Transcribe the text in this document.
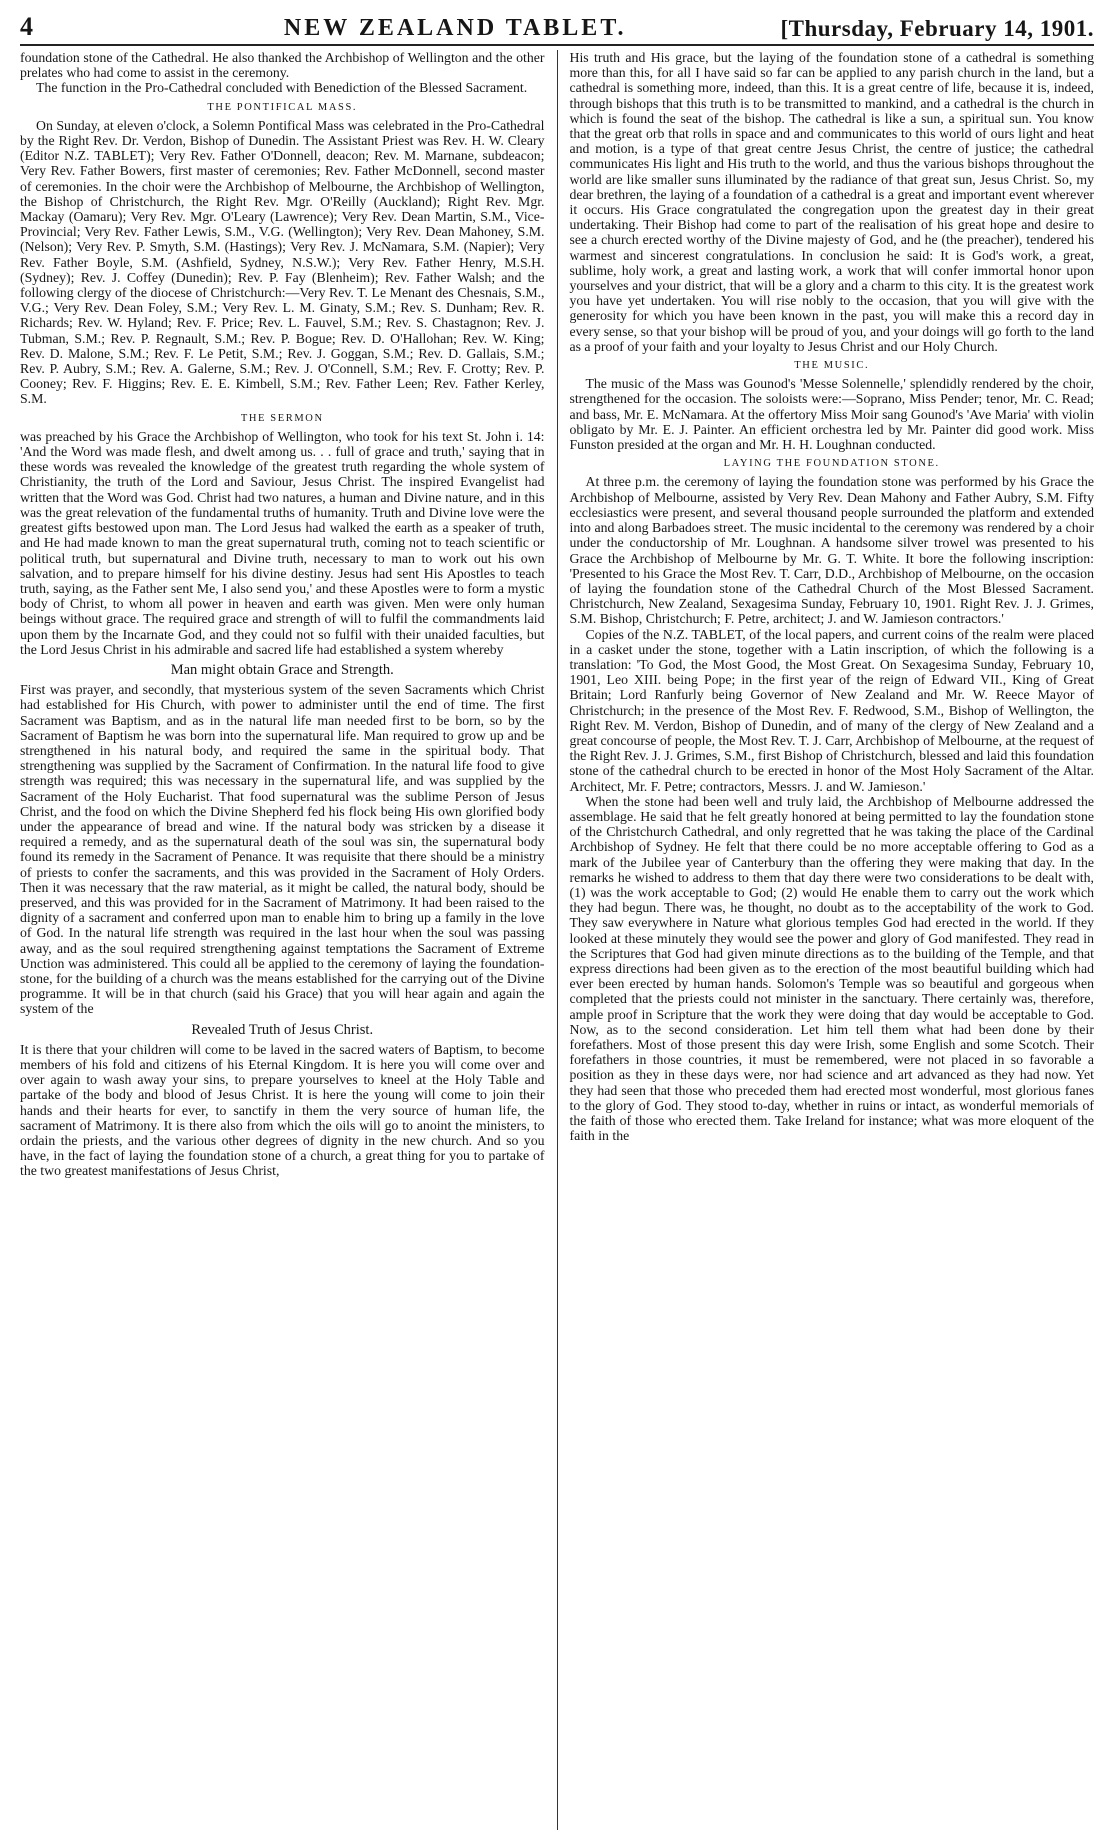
4	NEW ZEALAND TABLET.	[Thursday, February 14, 1901.

foundation stone of the Cathedral. He also thanked the Archbishop of Wellington and the other prelates who had come to assist in the ceremony.

The function in the Pro-Cathedral concluded with Benediction of the Blessed Sacrament.

THE PONTIFICAL MASS.

On Sunday, at eleven o'clock, a Solemn Pontifical Mass was celebrated in the Pro-Cathedral by the Right Rev. Dr. Verdon, Bishop of Dunedin. The Assistant Priest was Rev. H. W. Cleary (Editor N.Z. TABLET); Very Rev. Father O'Donnell, deacon; Rev. M. Marnane, subdeacon; Very Rev. Father Bowers, first master of ceremonies; Rev. Father McDonnell, second master of ceremonies. In the choir were the Archbishop of Melbourne, the Archbishop of Wellington, the Bishop of Christchurch, the Right Rev. Mgr. O'Reilly (Auckland); Right Rev. Mgr. Mackay (Oamaru); Very Rev. Mgr. O'Leary (Lawrence); Very Rev. Dean Martin, S.M., Vice-Provincial; Very Rev. Father Lewis, S.M., V.G. (Wellington); Very Rev. Dean Mahoney, S.M. (Nelson); Very Rev. P. Smyth, S.M. (Hastings); Very Rev. J. McNamara, S.M. (Napier); Very Rev. Father Boyle, S.M. (Ashfield, Sydney, N.S.W.); Very Rev. Father Henry, M.S.H. (Sydney); Rev. J. Coffey (Dunedin); Rev. P. Fay (Blenheim); Rev. Father Walsh; and the following clergy of the diocese of Christchurch:—Very Rev. T. Le Menant des Chesnais, S.M., V.G.; Very Rev. Dean Foley, S.M.; Very Rev. L. M. Ginaty, S.M.; Rev. S. Dunham; Rev. R. Richards; Rev. W. Hyland; Rev. F. Price; Rev. L. Fauvel, S.M.; Rev. S. Chastagnon; Rev. J. Tubman, S.M.; Rev. P. Regnault, S.M.; Rev. P. Bogue; Rev. D. O'Hallohan; Rev. W. King; Rev. D. Malone, S.M.; Rev. F. Le Petit, S.M.; Rev. J. Goggan, S.M.; Rev. D. Gallais, S.M.; Rev. P. Aubry, S.M.; Rev. A. Galerne, S.M.; Rev. J. O'Connell, S.M.; Rev. F. Crotty; Rev. P. Cooney; Rev. F. Higgins; Rev. E. E. Kimbell, S.M.; Rev. Father Leen; Rev. Father Kerley, S.M.

THE SERMON

was preached by his Grace the Archbishop of Wellington, who took for his text St. John i. 14: 'And the Word was made flesh, and dwelt among us. . . full of grace and truth,' saying that in these words was revealed the knowledge of the greatest truth regarding the whole system of Christianity, the truth of the Lord and Saviour, Jesus Christ. The inspired Evangelist had written that the Word was God. Christ had two natures, a human and Divine nature, and in this was the great relevation of the fundamental truths of humanity. Truth and Divine love were the greatest gifts bestowed upon man. The Lord Jesus had walked the earth as a speaker of truth, and He had made known to man the great supernatural truth, coming not to teach scientific or political truth, but supernatural and Divine truth, necessary to man to work out his own salvation, and to prepare himself for his divine destiny. Jesus had sent His Apostles to teach truth, saying, as the Father sent Me, I also send you,' and these Apostles were to form a mystic body of Christ, to whom all power in heaven and earth was given. Men were only human beings without grace. The required grace and strength of will to fulfil the commandments laid upon them by the Incarnate God, and they could not so fulfil with their unaided faculties, but the Lord Jesus Christ in his admirable and sacred life had established a system whereby

Man might obtain Grace and Strength.

First was prayer, and secondly, that mysterious system of the seven Sacraments which Christ had established for His Church, with power to administer until the end of time. The first Sacrament was Baptism, and as in the natural life man needed first to be born, so by the Sacrament of Baptism he was born into the supernatural life. Man required to grow up and be strengthened in his natural body, and required the same in the spiritual body. That strengthening was supplied by the Sacrament of Confirmation. In the natural life food to give strength was required; this was necessary in the supernatural life, and was supplied by the Sacrament of the Holy Eucharist. That food supernatural was the sublime Person of Jesus Christ, and the food on which the Divine Shepherd fed his flock being His own glorified body under the appearance of bread and wine. If the natural body was stricken by a disease it required a remedy, and as the supernatural death of the soul was sin, the supernatural body found its remedy in the Sacrament of Penance. It was requisite that there should be a ministry of priests to confer the sacraments, and this was provided in the Sacrament of Holy Orders. Then it was necessary that the raw material, as it might be called, the natural body, should be preserved, and this was provided for in the Sacrament of Matrimony. It had been raised to the dignity of a sacrament and conferred upon man to enable him to bring up a family in the love of God. In the natural life strength was required in the last hour when the soul was passing away, and as the soul required strengthening against temptations the Sacrament of Extreme Unction was administered. This could all be applied to the ceremony of laying the foundation-stone, for the building of a church was the means established for the carrying out of the Divine programme. It will be in that church (said his Grace) that you will hear again and again the system of the

Revealed Truth of Jesus Christ.

It is there that your children will come to be laved in the sacred waters of Baptism, to become members of his fold and citizens of his Eternal Kingdom. It is here you will come over and over again to wash away your sins, to prepare yourselves to kneel at the Holy Table and partake of the body and blood of Jesus Christ. It is here the young will come to join their hands and their hearts for ever, to sanctify in them the very source of human life, the sacrament of Matrimony. It is there also from which the oils will go to anoint the ministers, to ordain the priests, and the various other degrees of dignity in the new church. And so you have, in the fact of laying the foundation stone of a church, a great thing for you to partake of the two greatest manifestations of Jesus Christ,

His truth and His grace, but the laying of the foundation stone of a cathedral is something more than this, for all I have said so far can be applied to any parish church in the land, but a cathedral is something more, indeed, than this. It is a great centre of life, because it is, indeed, through bishops that this truth is to be transmitted to mankind, and a cathedral is the church in which is found the seat of the bishop. The cathedral is like a sun, a spiritual sun. You know that the great orb that rolls in space and and communicates to this world of ours light and heat and motion, is a type of that great centre Jesus Christ, the centre of justice; the cathedral communicates His light and His truth to the world, and thus the various bishops throughout the world are like smaller suns illuminated by the radiance of that great sun, Jesus Christ. So, my dear brethren, the laying of a foundation of a cathedral is a great and important event wherever it occurs. His Grace congratulated the congregation upon the greatest day in their great undertaking. Their Bishop had come to part of the realisation of his great hope and desire to see a church erected worthy of the Divine majesty of God, and he (the preacher), tendered his warmest and sincerest congratulations. In conclusion he said: It is God's work, a great, sublime, holy work, a great and lasting work, a work that will confer immortal honor upon yourselves and your district, that will be a glory and a charm to this city. It is the greatest work you have yet undertaken. You will rise nobly to the occasion, that you will give with the generosity for which you have been known in the past, you will make this a record day in every sense, so that your bishop will be proud of you, and your doings will go forth to the land as a proof of your faith and your loyalty to Jesus Christ and our Holy Church.

THE MUSIC.

The music of the Mass was Gounod's 'Messe Solennelle,' splendidly rendered by the choir, strengthened for the occasion. The soloists were:—Soprano, Miss Pender; tenor, Mr. C. Read; and bass, Mr. E. McNamara. At the offertory Miss Moir sang Gounod's 'Ave Maria' with violin obligato by Mr. E. J. Painter. An efficient orchestra led by Mr. Painter did good work. Miss Funston presided at the organ and Mr. H. H. Loughnan conducted.

LAYING THE FOUNDATION STONE.

At three p.m. the ceremony of laying the foundation stone was performed by his Grace the Archbishop of Melbourne, assisted by Very Rev. Dean Mahony and Father Aubry, S.M. Fifty ecclesiastics were present, and several thousand people surrounded the platform and extended into and along Barbadoes street. The music incidental to the ceremony was rendered by a choir under the conductorship of Mr. Loughnan. A handsome silver trowel was presented to his Grace the Archbishop of Melbourne by Mr. G. T. White. It bore the following inscription: 'Presented to his Grace the Most Rev. T. Carr, D.D., Archbishop of Melbourne, on the occasion of laying the foundation stone of the Cathedral Church of the Most Blessed Sacrament. Christchurch, New Zealand, Sexagesima Sunday, February 10, 1901. Right Rev. J. J. Grimes, S.M. Bishop, Christchurch; F. Petre, architect; J. and W. Jamieson contractors.'

Copies of the N.Z. TABLET, of the local papers, and current coins of the realm were placed in a casket under the stone, together with a Latin inscription, of which the following is a translation: 'To God, the Most Good, the Most Great. On Sexagesima Sunday, February 10, 1901, Leo XIII. being Pope; in the first year of the reign of Edward VII., King of Great Britain; Lord Ranfurly being Governor of New Zealand and Mr. W. Reece Mayor of Christchurch; in the presence of the Most Rev. F. Redwood, S.M., Bishop of Wellington, the Right Rev. M. Verdon, Bishop of Dunedin, and of many of the clergy of New Zealand and a great concourse of people, the Most Rev. T. J. Carr, Archbishop of Melbourne, at the request of the Right Rev. J. J. Grimes, S.M., first Bishop of Christchurch, blessed and laid this foundation stone of the cathedral church to be erected in honor of the Most Holy Sacrament of the Altar. Architect, Mr. F. Petre; contractors, Messrs. J. and W. Jamieson.'

When the stone had been well and truly laid, the Archbishop of Melbourne addressed the assemblage. He said that he felt greatly honored at being permitted to lay the foundation stone of the Christchurch Cathedral, and only regretted that he was taking the place of the Cardinal Archbishop of Sydney. He felt that there could be no more acceptable offering to God as a mark of the Jubilee year of Canterbury than the offering they were making that day. In the remarks he wished to address to them that day there were two considerations to be dealt with, (1) was the work acceptable to God; (2) would He enable them to carry out the work which they had begun. There was, he thought, no doubt as to the acceptability of the work to God. They saw everywhere in Nature what glorious temples God had erected in the world. If they looked at these minutely they would see the power and glory of God manifested. They read in the Scriptures that God had given minute directions as to the building of the Temple, and that express directions had been given as to the erection of the most beautiful building which had ever been erected by human hands. Solomon's Temple was so beautiful and gorgeous when completed that the priests could not minister in the sanctuary. There certainly was, therefore, ample proof in Scripture that the work they were doing that day would be acceptable to God. Now, as to the second consideration. Let him tell them what had been done by their forefathers. Most of those present this day were Irish, some English and some Scotch. Their forefathers in those countries, it must be remembered, were not placed in so favorable a position as they in these days were, nor had science and art advanced as they had now. Yet they had seen that those who preceded them had erected most wonderful, most glorious fanes to the glory of God. They stood to-day, whether in ruins or intact, as wonderful memorials of the faith of those who erected them. Take Ireland for instance; what was more eloquent of the faith in the
